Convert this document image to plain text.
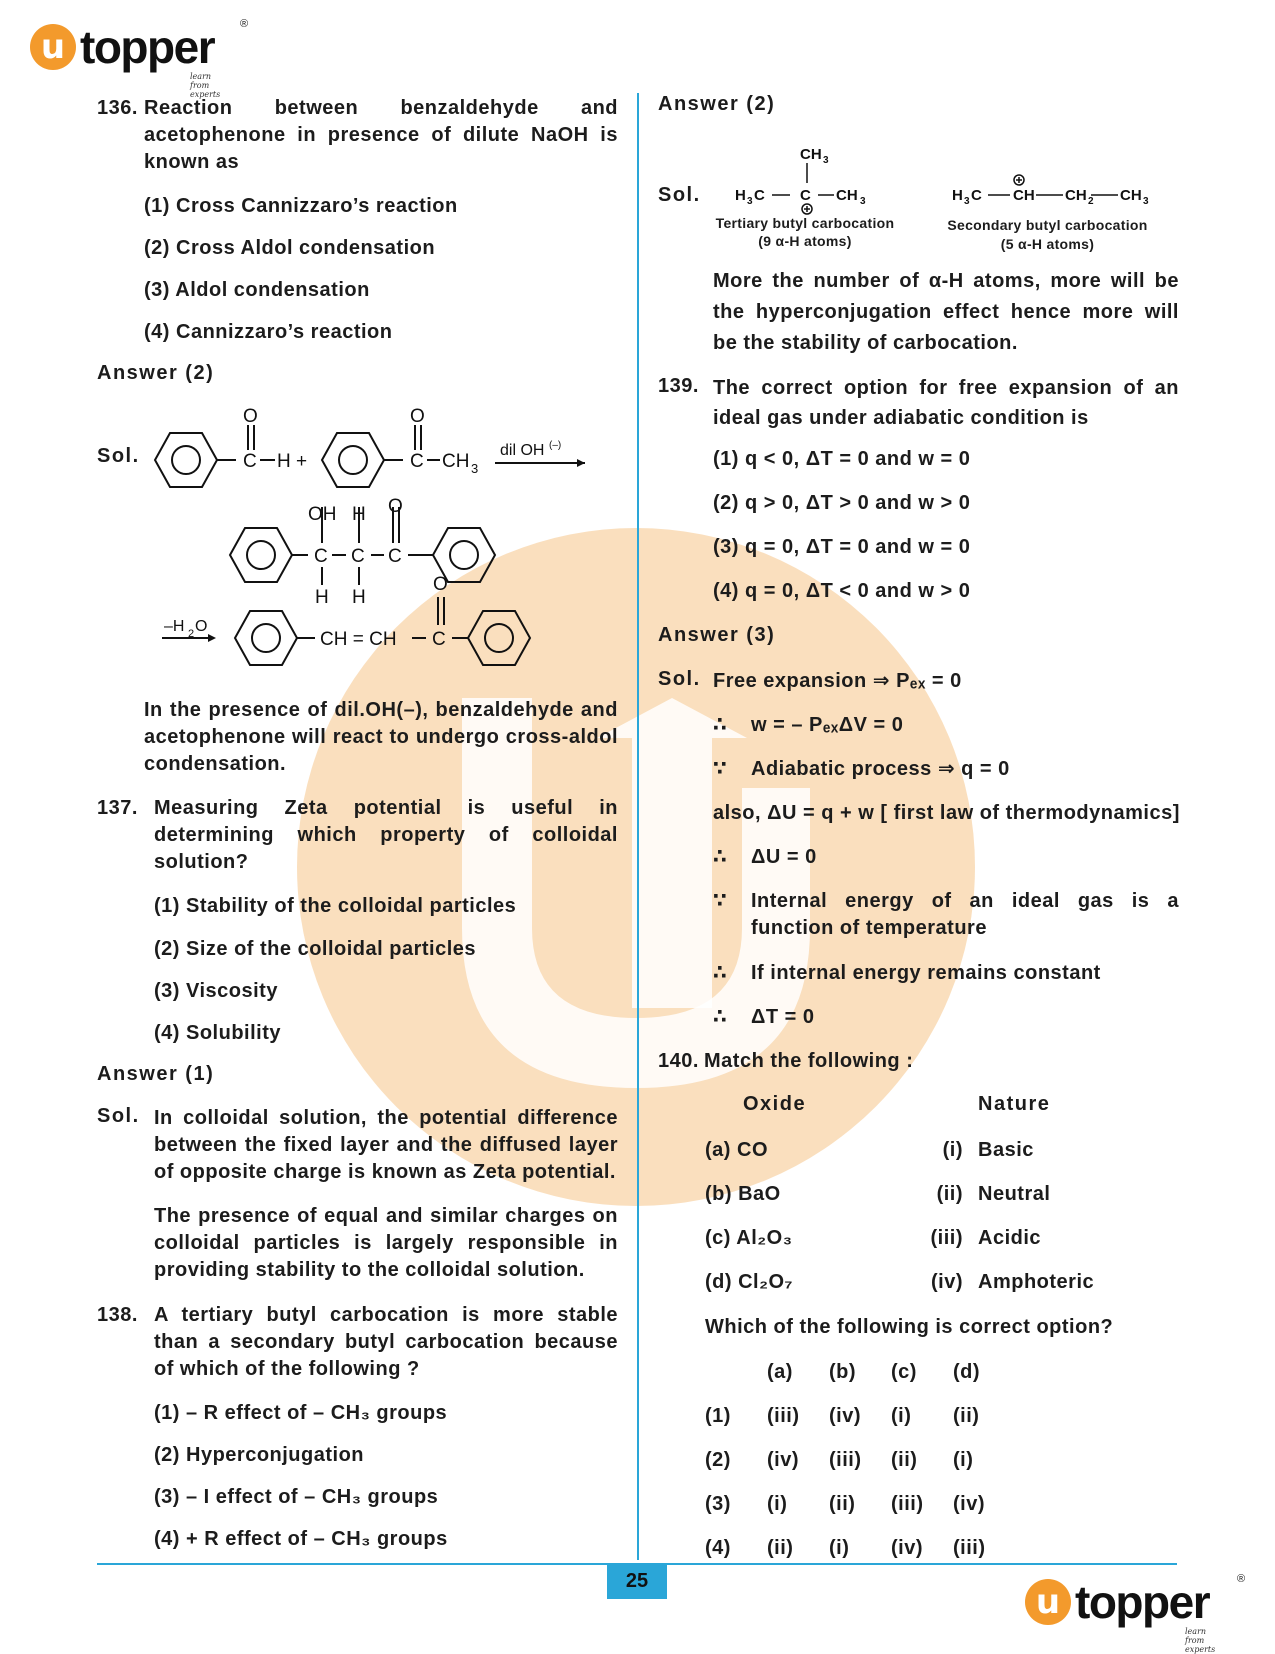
u topper ®
learn from experts
136. Reaction between benzaldehyde and acetophenone in presence of dilute NaOH is known as
(1) Cross Cannizzaro’s reaction
(2) Cross Aldol condensation
(3) Aldol condensation
(4) Cannizzaro’s reaction
Answer (2)
Sol.
O
C H +
O
C CH 3
dil OH (–)
OH H O
C C C
H H
–H 2 O
CH = CH
O
C
In the presence of dil.OH(–), benzaldehyde and acetophenone will react to undergo cross-aldol condensation.
137. Measuring Zeta potential is useful in determining which property of colloidal solution?
(1) Stability of the colloidal particles
(2) Size of the colloidal particles
(3) Viscosity
(4) Solubility
Answer (1)
Sol. In colloidal solution, the potential difference between the fixed layer and the diffused layer of opposite charge is known as Zeta potential.
The presence of equal and similar charges on colloidal particles is largely responsible in providing stability to the colloidal solution.
138. A tertiary butyl carbocation is more stable than a secondary butyl carbocation because of which of the following ?
(1) – R effect of – CH₃ groups
(2) Hyperconjugation
(3) – I effect of – CH₃ groups
(4) + R effect of – CH₃ groups
Answer (2)
Sol.
CH 3
H 3 C C CH 3	H 3 C CH CH 2 CH 3
Tertiary butyl carbocation
(9 α-H atoms)
Secondary butyl carbocation
(5 α-H atoms)
More the number of α-H atoms, more will be the hyperconjugation effect hence more will be the stability of carbocation.
139. The correct option for free expansion of an ideal gas under adiabatic condition is
(1) q < 0, ΔT = 0 and w = 0
(2) q > 0, ΔT > 0 and w > 0
(3) q = 0, ΔT = 0 and w = 0
(4) q = 0, ΔT < 0 and w > 0
Answer (3)
Sol. Free expansion ⇒ Pₑₓ = 0
∴ w = – PₑₓΔV = 0
∵ Adiabatic process ⇒ q = 0
also, ΔU = q + w [ first law of thermodynamics]
∴ ΔU = 0
∵ Internal energy of an ideal gas is a function of temperature
∴ If internal energy remains constant
∴ ΔT = 0
140. Match the following :
Oxide	Nature
(a) CO	(i) Basic
(b) BaO	(ii) Neutral
(c) Al₂O₃	(iii) Acidic
(d) Cl₂O₇	(iv) Amphoteric
Which of the following is correct option?
	(a)	(b)	(c)	(d)
(1)	(iii)	(iv)	(i)	(ii)
(2)	(iv)	(iii)	(ii)	(i)
(3)	(i)	(ii)	(iii)	(iv)
(4)	(ii)	(i)	(iv)	(iii)
25
u topper	®
learn from experts
